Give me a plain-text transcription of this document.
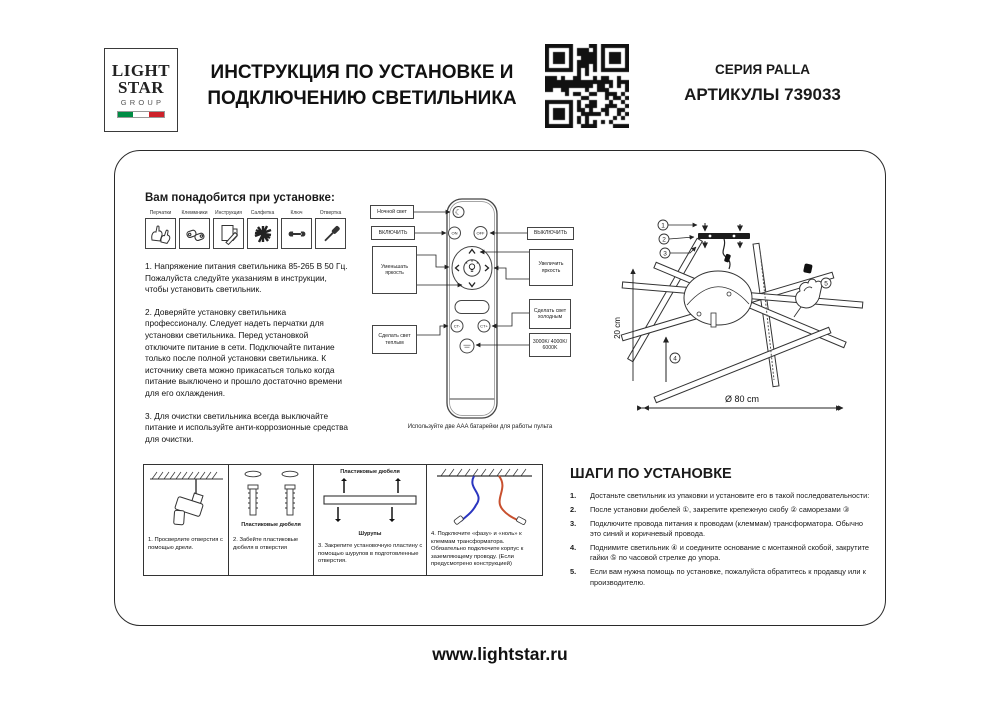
LIGHT
STAR
GROUP
ИНСТРУКЦИЯ ПО УСТАНОВКЕ И
ПОДКЛЮЧЕНИЮ СВЕТИЛЬНИКА
СЕРИЯ PALLA
АРТИКУЛЫ 739033
Вам понадобится при установке:
Перчатки	Клеммники	Инструкция	Салфетка	Ключ	Отвертка

1. Напряжение питания светильника 85-265 В 50 Гц. Пожалуйста следуйте указаниям в инструкции, чтобы установить светильник.

2. Доверяйте установку светильника профессионалу. Следует надеть перчатки для установки светильника. Перед установкой отключите питание в сети. Подключайте питание только после полной установки светильника. К источнику света можно прикасаться только когда питание выключено и прошло достаточно времени для его охлаждения.

3. Для очистки светильника всегда выключайте питание и используйте анти-коррозионные средства для очистки.

☾
ON	OFF
CT-	CT+
Ночной свет
ВКЛЮЧИТЬ
Уменьшать яркость
Сделать свет теплым
ВЫКЛЮЧИТЬ
Увеличить яркость
Сделать свет холодным
3000K/ 4000K/ 6000K
Используйте две AAA батарейки для работы пульта
1
2
3
4
5
20 cm
Ø 80 cm
1. Просверлите отверстия с помощью дрели.
Пластиковые дюбеля
2. Забейте пластиковые дюбеля в отверстия
Пластиковые дюбеля
Шурупы
3. Закрепите установочную пластину с помощью шурупов в подготовленные отверстия.
4. Подключите «фазу» и «ноль» к клеммам трансформатора. Обязательно подключите корпус к заземляющему проводу. (Если предусмотрено конструкцией)
ШАГИ ПО УСТАНОВКЕ
1.	Достаньте светильник из упаковки и установите его в такой последовательности:
2.	После установки дюбелей ①, закрепите крепежную скобу ② саморезами ③
3.	Подключите провода питания к проводам (клеммам) трансформатора. Обычно это синий и коричневый провода.
4.	Поднимите светильник ④ и соедините основание с монтажной скобой, закрутите гайки ⑤ по часовой стрелке до упора.
5.	Если вам нужна помощь по установке, пожалуйста обратитесь к продавцу или к производителю.
www.lightstar.ru
